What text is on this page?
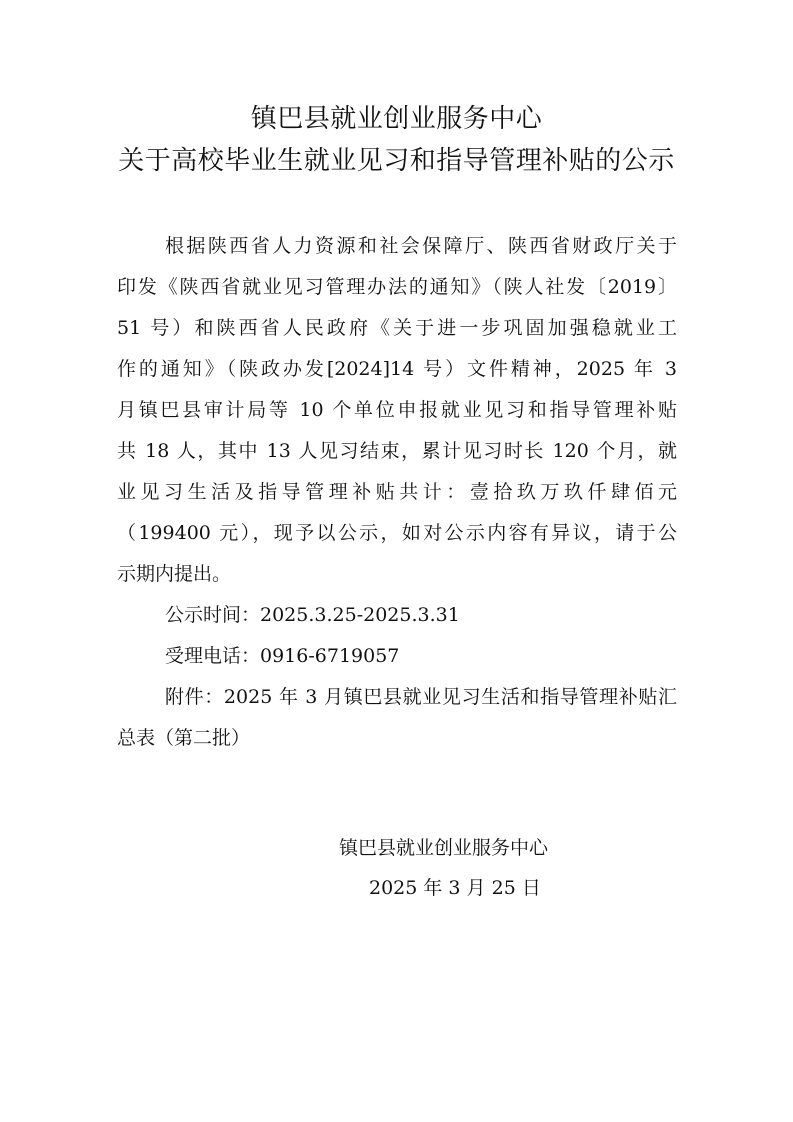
镇巴县就业创业服务中心
关于高校毕业生就业见习和指导管理补贴的公示

根据陕西省人力资源和社会保障厅、陕西省财政厅关于

印发《陕西省就业见习管理办法的通知》（陕人社发〔2019〕

51 号）和陕西省人民政府《关于进一步巩固加强稳就业工

作的通知》（陕政办发[2024]14 号）文件精神，2025 年 3

月镇巴县审计局等 10 个单位申报就业见习和指导管理补贴

共 18 人，其中 13 人见习结束，累计见习时长 120 个月，就

业见习生活及指导管理补贴共计：壹拾玖万玖仟肆佰元

（199400 元），现予以公示，如对公示内容有异议，请于公

示期内提出。

公示时间：2025.3.25-2025.3.31

受理电话：0916-6719057

附件：2025 年 3 月镇巴县就业见习生活和指导管理补贴汇

总表（第二批）

镇巴县就业创业服务中心
2025 年 3 月 25 日
